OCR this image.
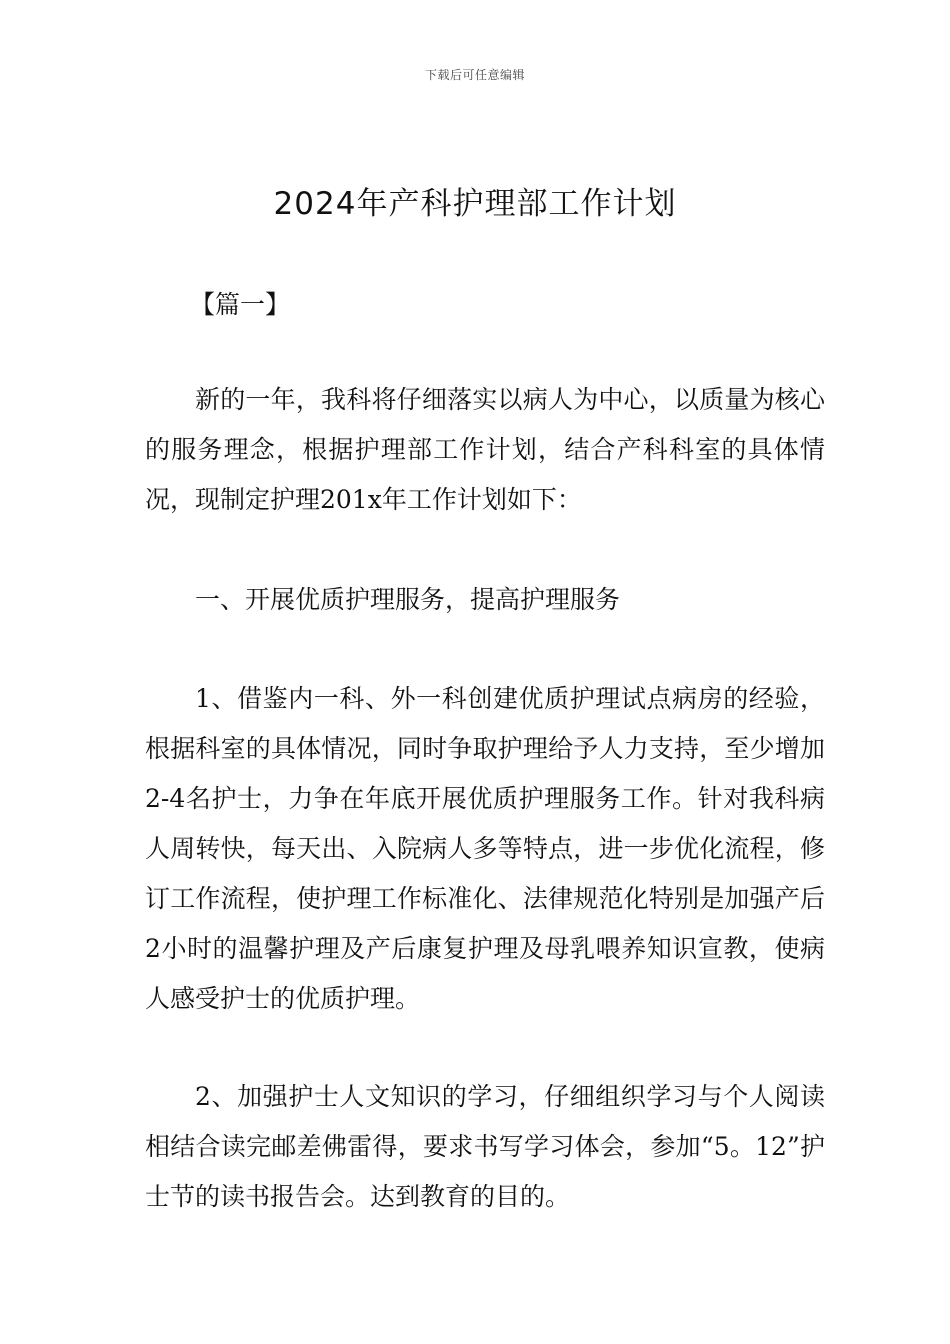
下载后可任意编辑
2024年产科护理部工作计划

【篇一】

新的一年，我科将仔细落实以病人为中心，以质量为核心的服务理念，根据护理部工作计划，结合产科科室的具体情况，现制定护理201x年工作计划如下：

一、开展优质护理服务，提高护理服务

1、借鉴内一科、外一科创建优质护理试点病房的经验，根据科室的具体情况，同时争取护理给予人力支持，至少增加2-4名护士，力争在年底开展优质护理服务工作。针对我科病人周转快，每天出、入院病人多等特点，进一步优化流程，修订工作流程，使护理工作标准化、法律规范化特别是加强产后2小时的温馨护理及产后康复护理及母乳喂养知识宣教，使病人感受护士的优质护理。

2、加强护士人文知识的学习，仔细组织学习与个人阅读相结合读完邮差佛雷得，要求书写学习体会，参加“5。12”护士节的读书报告会。达到教育的目的。
